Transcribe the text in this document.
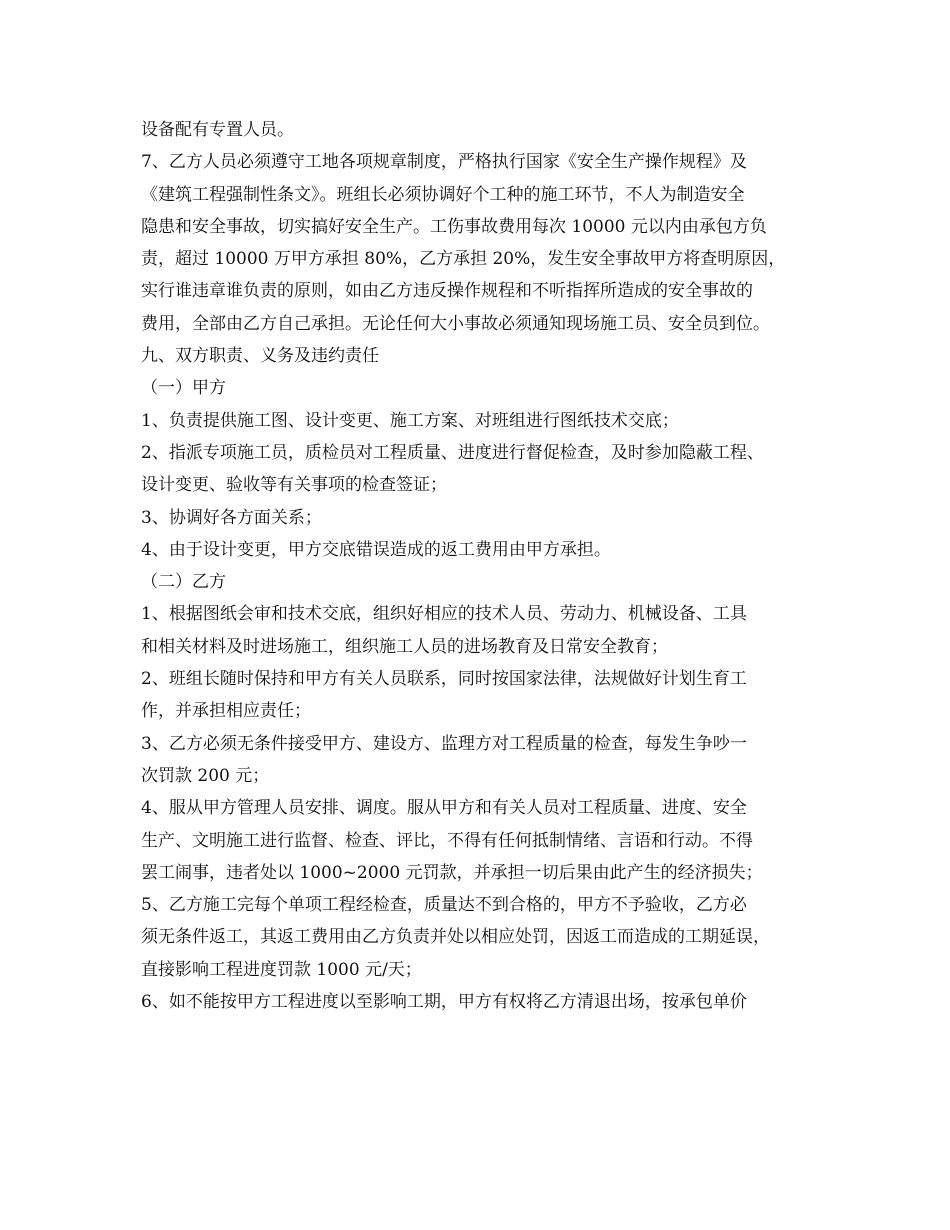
设备配有专置人员。
7、乙方人员必须遵守工地各项规章制度，严格执行国家《安全生产操作规程》及
《建筑工程强制性条文》。班组长必须协调好个工种的施工环节，不人为制造安全
隐患和安全事故，切实搞好安全生产。工伤事故费用每次 10000 元以内由承包方负
责，超过 10000 万甲方承担 80%，乙方承担 20%，发生安全事故甲方将查明原因，
实行谁违章谁负责的原则，如由乙方违反操作规程和不听指挥所造成的安全事故的
费用，全部由乙方自己承担。无论任何大小事故必须通知现场施工员、安全员到位。
九、双方职责、义务及违约责任
（一）甲方
1、负责提供施工图、设计变更、施工方案、对班组进行图纸技术交底；
2、指派专项施工员，质检员对工程质量、进度进行督促检查，及时参加隐蔽工程、
设计变更、验收等有关事项的检查签证；
3、协调好各方面关系；
4、由于设计变更，甲方交底错误造成的返工费用由甲方承担。
（二）乙方
1、根据图纸会审和技术交底，组织好相应的技术人员、劳动力、机械设备、工具
和相关材料及时进场施工，组织施工人员的进场教育及日常安全教育；
2、班组长随时保持和甲方有关人员联系，同时按国家法律，法规做好计划生育工
作，并承担相应责任；
3、乙方必须无条件接受甲方、建设方、监理方对工程质量的检查，每发生争吵一
次罚款 200 元；
4、服从甲方管理人员安排、调度。服从甲方和有关人员对工程质量、进度、安全
生产、文明施工进行监督、检查、评比，不得有任何抵制情绪、言语和行动。不得
罢工闹事，违者处以 1000~2000 元罚款，并承担一切后果由此产生的经济损失；
5、乙方施工完每个单项工程经检查，质量达不到合格的，甲方不予验收，乙方必
须无条件返工，其返工费用由乙方负责并处以相应处罚，因返工而造成的工期延误，
直接影响工程进度罚款 1000 元/天；
6、如不能按甲方工程进度以至影响工期，甲方有权将乙方清退出场，按承包单价
